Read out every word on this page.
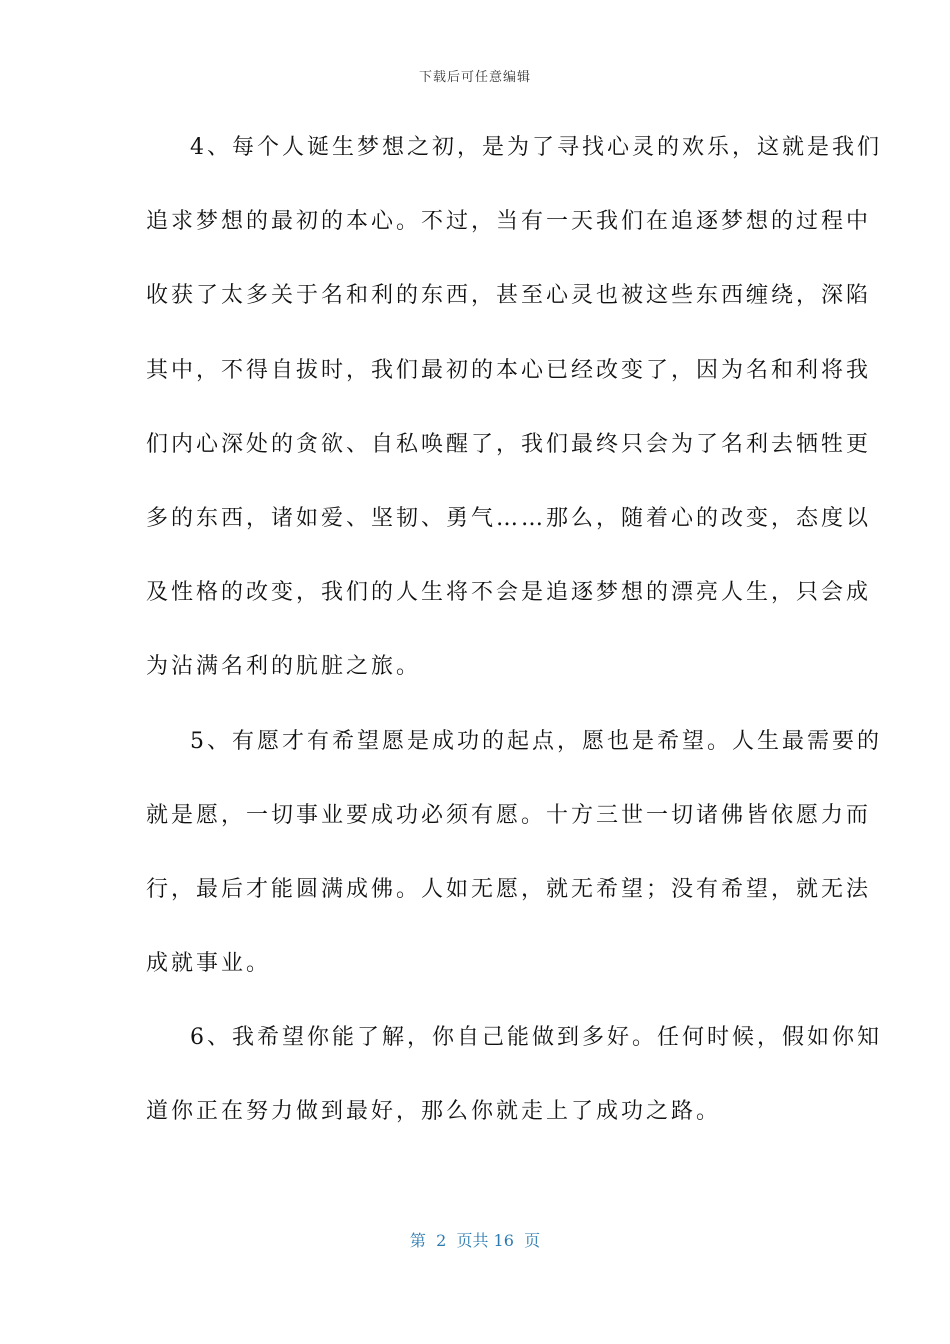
下载后可任意编辑
4、每个人诞生梦想之初，是为了寻找心灵的欢乐，这就是我们
追求梦想的最初的本心。不过，当有一天我们在追逐梦想的过程中
收获了太多关于名和利的东西，甚至心灵也被这些东西缠绕，深陷
其中，不得自拔时，我们最初的本心已经改变了，因为名和利将我
们内心深处的贪欲、自私唤醒了，我们最终只会为了名利去牺牲更
多的东西，诸如爱、坚韧、勇气……那么，随着心的改变，态度以
及性格的改变，我们的人生将不会是追逐梦想的漂亮人生，只会成
为沾满名利的肮脏之旅。
5、有愿才有希望愿是成功的起点，愿也是希望。人生最需要的
就是愿，一切事业要成功必须有愿。十方三世一切诸佛皆依愿力而
行，最后才能圆满成佛。人如无愿，就无希望；没有希望，就无法
成就事业。
6、我希望你能了解，你自己能做到多好。任何时候，假如你知
道你正在努力做到最好，那么你就走上了成功之路。
第  2  页共 16  页
